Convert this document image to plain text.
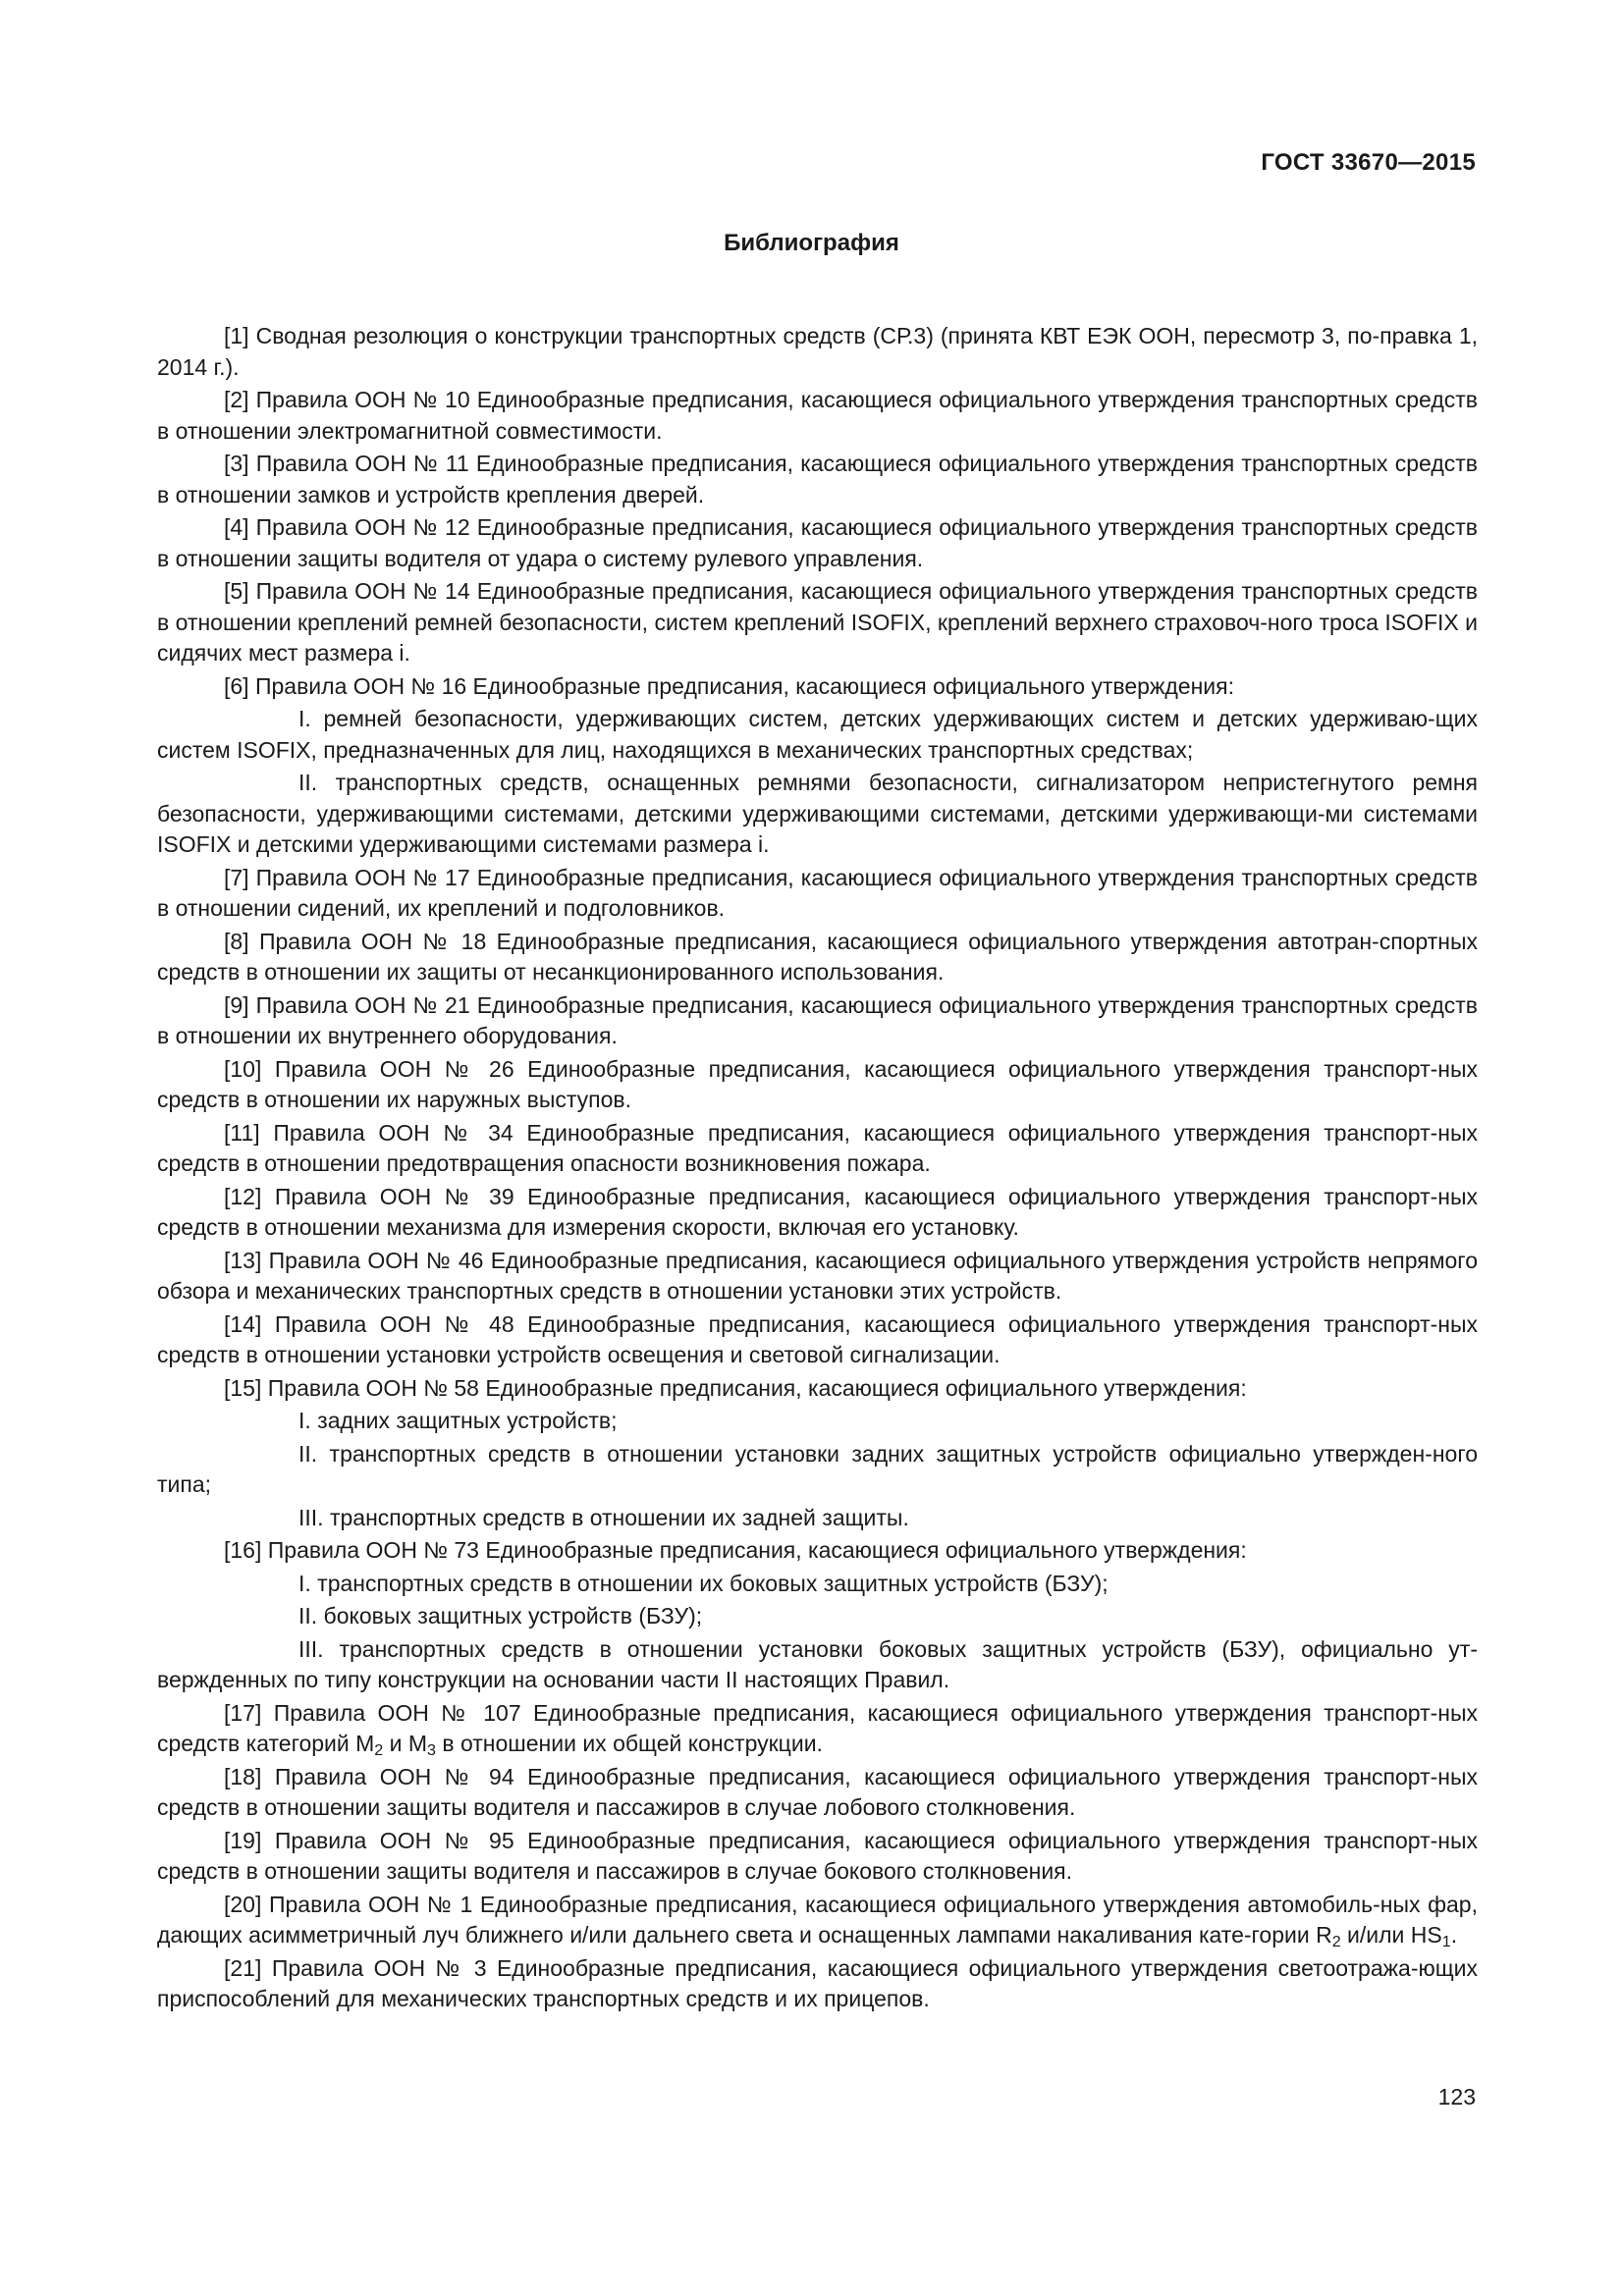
ГОСТ 33670—2015
Библиография

[1] Сводная резолюция о конструкции транспортных средств (СР.3) (принята КВТ ЕЭК ООН, пересмотр 3, по-правка 1, 2014 г.).

[2] Правила ООН № 10 Единообразные предписания, касающиеся официального утверждения транспортных средств в отношении электромагнитной совместимости.

[3] Правила ООН № 11 Единообразные предписания, касающиеся официального утверждения транспортных средств в отношении замков и устройств крепления дверей.

[4] Правила ООН № 12 Единообразные предписания, касающиеся официального утверждения транспортных средств в отношении защиты водителя от удара о систему рулевого управления.

[5] Правила ООН № 14 Единообразные предписания, касающиеся официального утверждения транспортных средств в отношении креплений ремней безопасности, систем креплений ISOFIX, креплений верхнего страховоч-ного троса ISOFIX и сидячих мест размера i.

[6] Правила ООН № 16 Единообразные предписания, касающиеся официального утверждения:

I. ремней безопасности, удерживающих систем, детских удерживающих систем и детских удерживаю-щих систем ISOFIX, предназначенных для лиц, находящихся в механических транспортных средствах;

II. транспортных средств, оснащенных ремнями безопасности, сигнализатором непристегнутого ремня безопасности, удерживающими системами, детскими удерживающими системами, детскими удерживающи-ми системами ISOFIX и детскими удерживающими системами размера i.

[7] Правила ООН № 17 Единообразные предписания, касающиеся официального утверждения транспортных средств в отношении сидений, их креплений и подголовников.

[8] Правила ООН № 18 Единообразные предписания, касающиеся официального утверждения автотран-спортных средств в отношении их защиты от несанкционированного использования.

[9] Правила ООН № 21 Единообразные предписания, касающиеся официального утверждения транспортных средств в отношении их внутреннего оборудования.

[10] Правила ООН № 26 Единообразные предписания, касающиеся официального утверждения транспорт-ных средств в отношении их наружных выступов.

[11] Правила ООН № 34 Единообразные предписания, касающиеся официального утверждения транспорт-ных средств в отношении предотвращения опасности возникновения пожара.

[12] Правила ООН № 39 Единообразные предписания, касающиеся официального утверждения транспорт-ных средств в отношении механизма для измерения скорости, включая его установку.

[13] Правила ООН № 46 Единообразные предписания, касающиеся официального утверждения устройств непрямого обзора и механических транспортных средств в отношении установки этих устройств.

[14] Правила ООН № 48 Единообразные предписания, касающиеся официального утверждения транспорт-ных средств в отношении установки устройств освещения и световой сигнализации.

[15] Правила ООН № 58 Единообразные предписания, касающиеся официального утверждения:

I. задних защитных устройств;

II. транспортных средств в отношении установки задних защитных устройств официально утвержден-ного типа;

III. транспортных средств в отношении их задней защиты.

[16] Правила ООН № 73 Единообразные предписания, касающиеся официального утверждения:

I. транспортных средств в отношении их боковых защитных устройств (БЗУ);

II. боковых защитных устройств (БЗУ);

III. транспортных средств в отношении установки боковых защитных устройств (БЗУ), официально ут-вержденных по типу конструкции на основании части II настоящих Правил.

[17] Правила ООН № 107 Единообразные предписания, касающиеся официального утверждения транспорт-ных средств категорий $M_2$ и $M_3$ в отношении их общей конструкции.

[18] Правила ООН № 94 Единообразные предписания, касающиеся официального утверждения транспорт-ных средств в отношении защиты водителя и пассажиров в случае лобового столкновения.

[19] Правила ООН № 95 Единообразные предписания, касающиеся официального утверждения транспорт-ных средств в отношении защиты водителя и пассажиров в случае бокового столкновения.

[20] Правила ООН № 1 Единообразные предписания, касающиеся официального утверждения автомобиль-ных фар, дающих асимметричный луч ближнего и/или дальнего света и оснащенных лампами накаливания кате-гории $R_2$ и/или $HS_1$.

[21] Правила ООН № 3 Единообразные предписания, касающиеся официального утверждения светоотража-ющих приспособлений для механических транспортных средств и их прицепов.

123
